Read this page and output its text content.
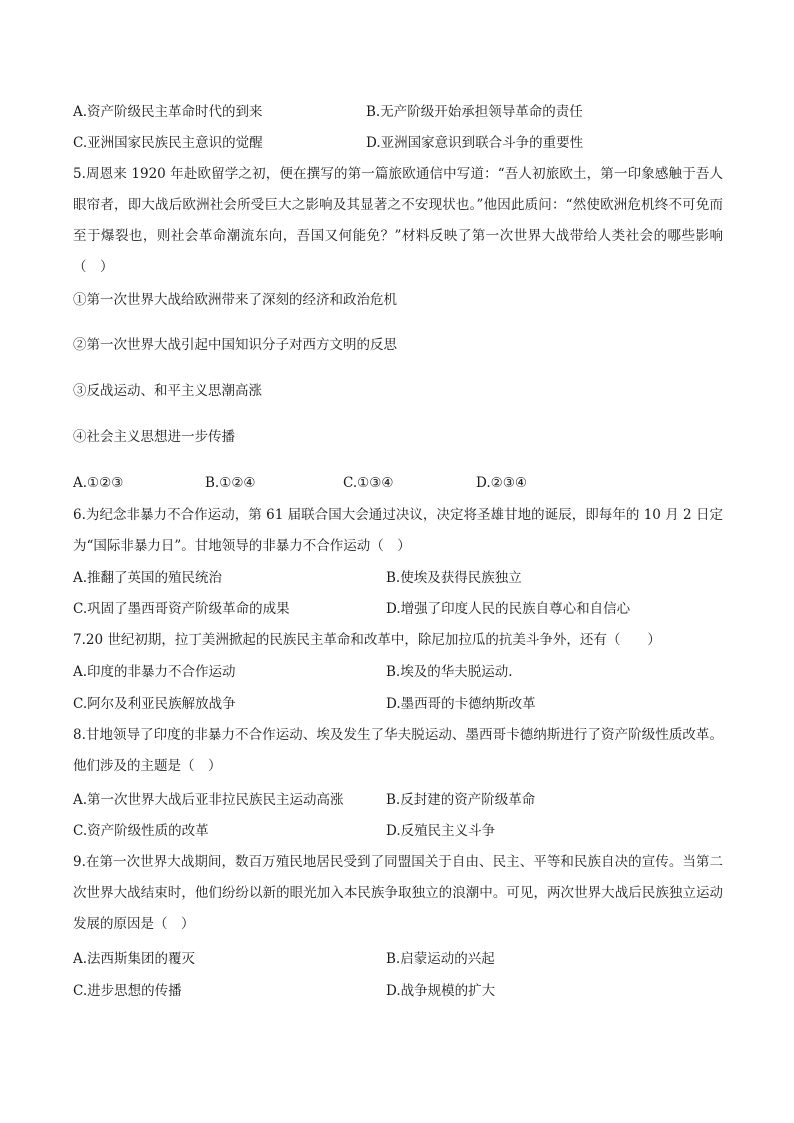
A.资产阶级民主革命时代的到来	B.无产阶级开始承担领导革命的责任
C.亚洲国家民族民主意识的觉醒	D.亚洲国家意识到联合斗争的重要性
5.周恩来 1920 年赴欧留学之初，便在撰写的第一篇旅欧通信中写道：“吾人初旅欧土，第一印象感触于吾人眼帘者，即大战后欧洲社会所受巨大之影响及其显著之不安现状也。”他因此质问：“然使欧洲危机终不可免而至于爆裂也，则社会革命潮流东向，吾国又何能免？”材料反映了第一次世界大战带给人类社会的哪些影响（　）
①第一次世界大战给欧洲带来了深刻的经济和政治危机
②第一次世界大战引起中国知识分子对西方文明的反思
③反战运动、和平主义思潮高涨
④社会主义思想进一步传播
A.①②③	B.①②④	C.①③④	D.②③④
6.为纪念非暴力不合作运动，第 61 届联合国大会通过决议，决定将圣雄甘地的诞辰，即每年的 10 月 2 日定为“国际非暴力日”。甘地领导的非暴力不合作运动（　）
A.推翻了英国的殖民统治	B.使埃及获得民族独立
C.巩固了墨西哥资产阶级革命的成果	D.增强了印度人民的民族自尊心和自信心
7.20 世纪初期，拉丁美洲掀起的民族民主革命和改革中，除尼加拉瓜的抗美斗争外，还有（　　）
A.印度的非暴力不合作运动	B.埃及的华夫脱运动.
C.阿尔及利亚民族解放战争	D.墨西哥的卡德纳斯改革
8.甘地领导了印度的非暴力不合作运动、埃及发生了华夫脱运动、墨西哥卡德纳斯进行了资产阶级性质改革。他们涉及的主题是（　）
A.第一次世界大战后亚非拉民族民主运动高涨	B.反封建的资产阶级革命
C.资产阶级性质的改革	D.反殖民主义斗争
9.在第一次世界大战期间，数百万殖民地居民受到了同盟国关于自由、民主、平等和民族自决的宣传。当第二次世界大战结束时，他们纷纷以新的眼光加入本民族争取独立的浪潮中。可见，两次世界大战后民族独立运动发展的原因是（　）
A.法西斯集团的覆灭	B.启蒙运动的兴起
C.进步思想的传播	D.战争规模的扩大
